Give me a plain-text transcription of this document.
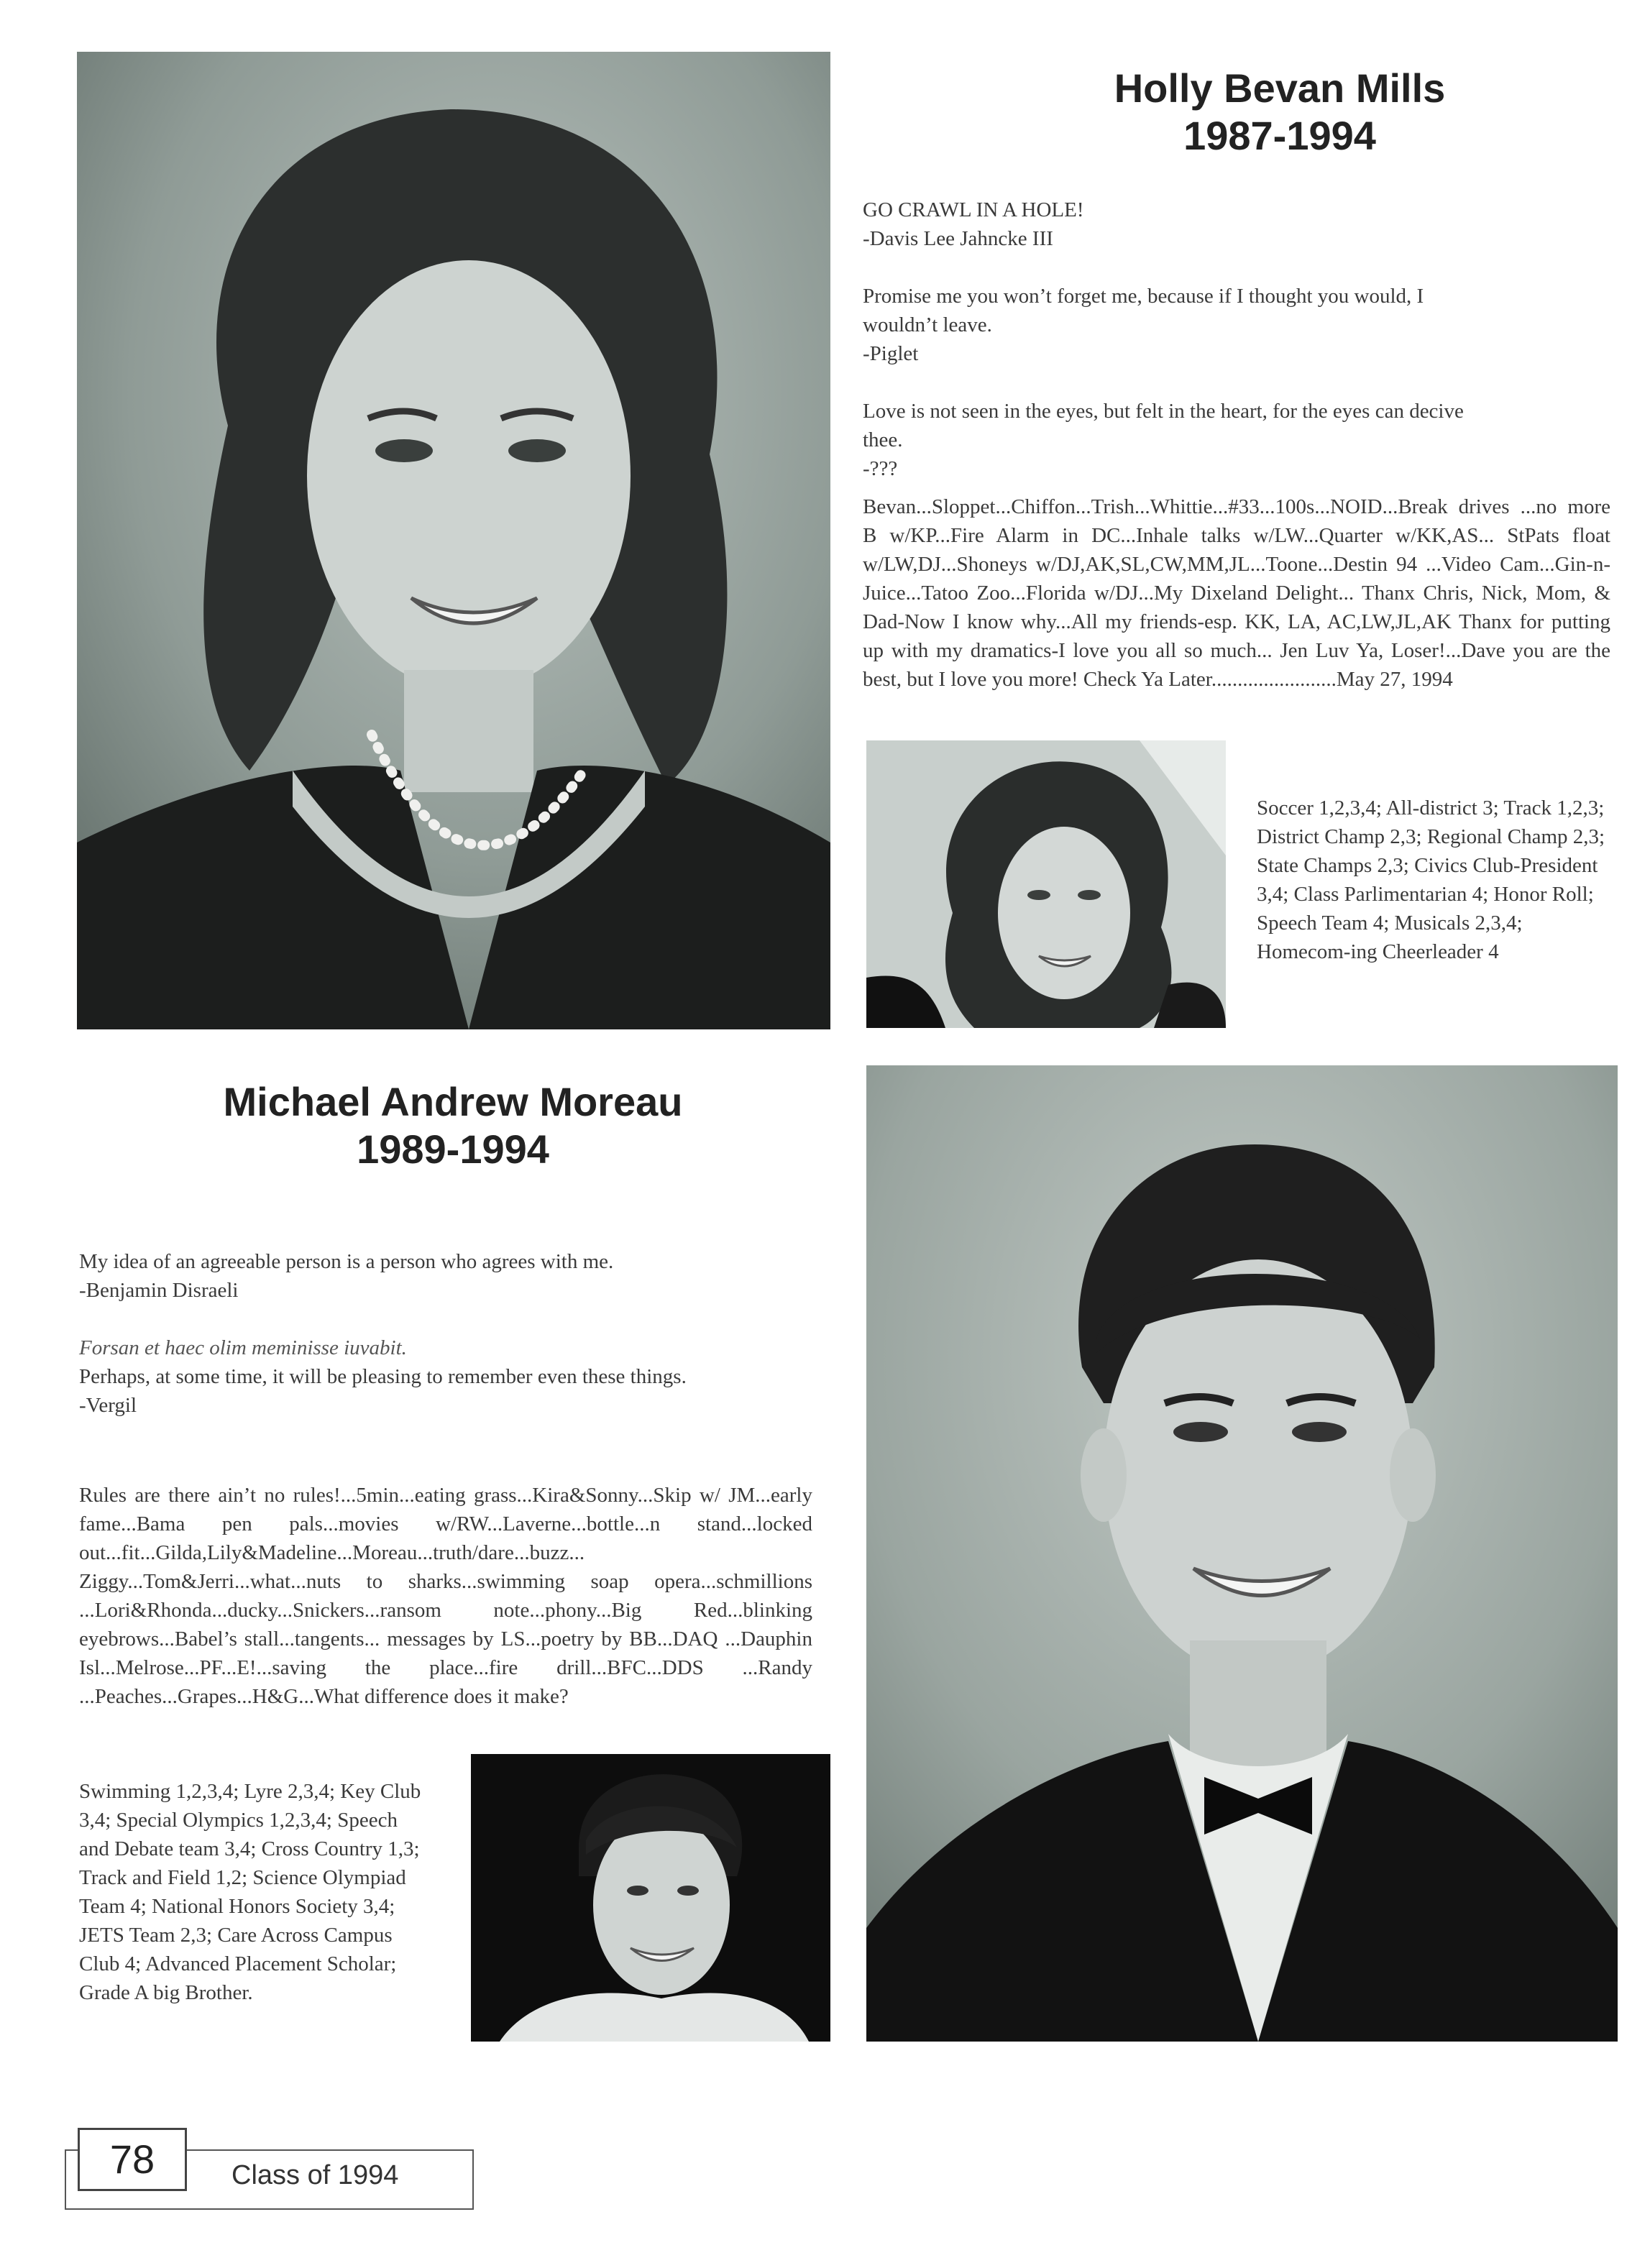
Holly Bevan Mills
1987-1994

GO CRAWL IN A HOLE!

-Davis Lee Jahncke III

Promise me you won’t forget me, because if I thought you would, I wouldn’t leave.

-Piglet

Love is not seen in the eyes, but felt in the heart, for the eyes can decive thee.

-???

Bevan...Sloppet...Chiffon...Trish...Whittie...#33...100s...NOID...Break drives ...no more B w/KP...Fire Alarm in DC...Inhale talks w/LW...Quarter w/KK,AS... StPats float w/LW,DJ...Shoneys w/DJ,AK,SL,CW,MM,JL...Toone...Destin 94 ...Video Cam...Gin-n-Juice...Tatoo Zoo...Florida w/DJ...My Dixeland Delight... Thanx Chris, Nick, Mom, & Dad-Now I know why...All my friends-esp. KK, LA, AC,LW,JL,AK Thanx for putting up with my dramatics-I love you all so much... Jen Luv Ya, Loser!...Dave you are the best, but I love you more! Check Ya Later........................May 27, 1994

Soccer 1,2,3,4; All-district 3; Track 1,2,3; District Champ 2,3; Regional Champ 2,3; State Champs 2,3; Civics Club-President 3,4; Class Parlimentarian 4; Honor Roll; Speech Team 4; Musicals 2,3,4; Homecom-ing Cheerleader 4

Michael Andrew Moreau
1989-1994

My idea of an agreeable person is a person who agrees with me.

-Benjamin Disraeli

Forsan et haec olim meminisse iuvabit.

Perhaps, at some time, it will be pleasing to remember even these things.

-Vergil

Rules are there ain’t no rules!...5min...eating grass...Kira&Sonny...Skip w/ JM...early fame...Bama pen pals...movies w/RW...Laverne...bottle...n stand...locked out...fit...Gilda,Lily&Madeline...Moreau...truth/dare...buzz... Ziggy...Tom&Jerri...what...nuts to sharks...swimming soap opera...schmillions ...Lori&Rhonda...ducky...Snickers...ransom note...phony...Big Red...blinking eyebrows...Babel’s stall...tangents... messages by LS...poetry by BB...DAQ ...Dauphin Isl...Melrose...PF...E!...saving the place...fire drill...BFC...DDS ...Randy ...Peaches...Grapes...H&G...What difference does it make?

Swimming 1,2,3,4; Lyre 2,3,4; Key Club 3,4; Special Olympics 1,2,3,4; Speech and Debate team 3,4; Cross Country 1,3; Track and Field 1,2; Science Olympiad Team 4; National Honors Society 3,4; JETS Team 2,3; Care Across Campus Club 4; Advanced Placement Scholar; Grade A big Brother.

78	Class of 1994
